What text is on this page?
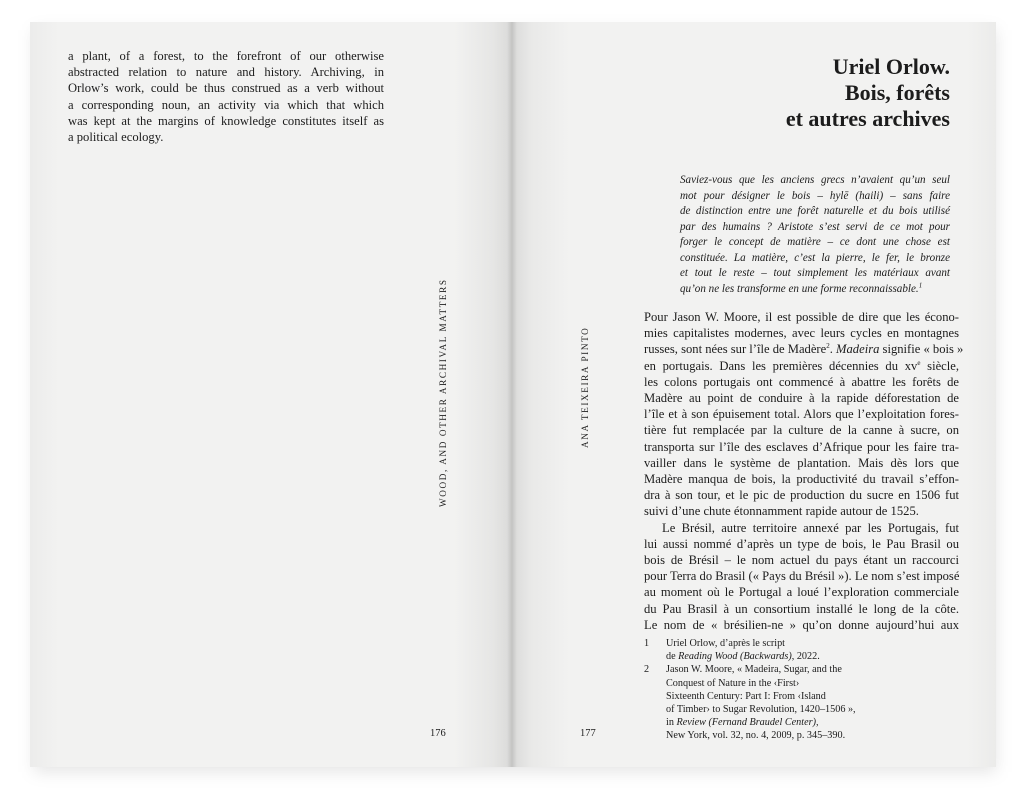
a plant, of a forest, to the forefront of our otherwise
abstracted relation to nature and history. Archiving, in
Orlow’s work, could be thus construed as a verb without
a corresponding noun, an activity via which that which
was kept at the margins of knowledge constitutes itself as
a political ecology.
WOOD, AND OTHER ARCHIVAL MATTERS
176
Uriel Orlow.
Bois, forêts
et autres archives
Saviez-vous que les anciens grecs n’avaient qu’un seul
mot pour désigner le bois – hylē (haili) – sans faire
de distinction entre une forêt naturelle et du bois utilisé
par des humains ? Aristote s’est servi de ce mot pour
forger le concept de matière – ce dont une chose est
constituée. La matière, c’est la pierre, le fer, le bronze
et tout le reste – tout simplement les matériaux avant
qu’on ne les transforme en une forme reconnaissable.$^1$
ANA TEIXEIRA PINTO
Pour Jason W. Moore, il est possible de dire que les écono-
mies capitalistes modernes, avec leurs cycles en montagnes
russes, sont nées sur l’île de Madère$^2$. Madeira signifie « bois »
en portugais. Dans les premières décennies du $xv^e$ siècle,
les colons portugais ont commencé à abattre les forêts de
Madère au point de conduire à la rapide déforestation de
l’île et à son épuisement total. Alors que l’exploitation fores-
tière fut remplacée par la culture de la canne à sucre, on
transporta sur l’île des esclaves d’Afrique pour les faire tra-
vailler dans le système de plantation. Mais dès lors que
Madère manqua de bois, la productivité du travail s’effon-
dra à son tour, et le pic de production du sucre en 1506 fut
suivi d’une chute étonnamment rapide autour de 1525.
Le Brésil, autre territoire annexé par les Portugais, fut
lui aussi nommé d’après un type de bois, le Pau Brasil ou
bois de Brésil – le nom actuel du pays étant un raccourci
pour Terra do Brasil (« Pays du Brésil »). Le nom s’est imposé
au moment où le Portugal a loué l’exploration commerciale
du Pau Brasil à un consortium installé le long de la côte.
Le nom de « brésilien-ne » qu’on donne aujourd’hui aux
1 Uriel Orlow, d’après le script
de Reading Wood (Backwards), 2022.
2 Jason W. Moore, « Madeira, Sugar, and the
Conquest of Nature in the ‹First›
Sixteenth Century: Part I: From ‹Island
of Timber› to Sugar Revolution, 1420–1506 »,
in Review (Fernand Braudel Center),
New York, vol. 32, no. 4, 2009, p. 345–390.
177
